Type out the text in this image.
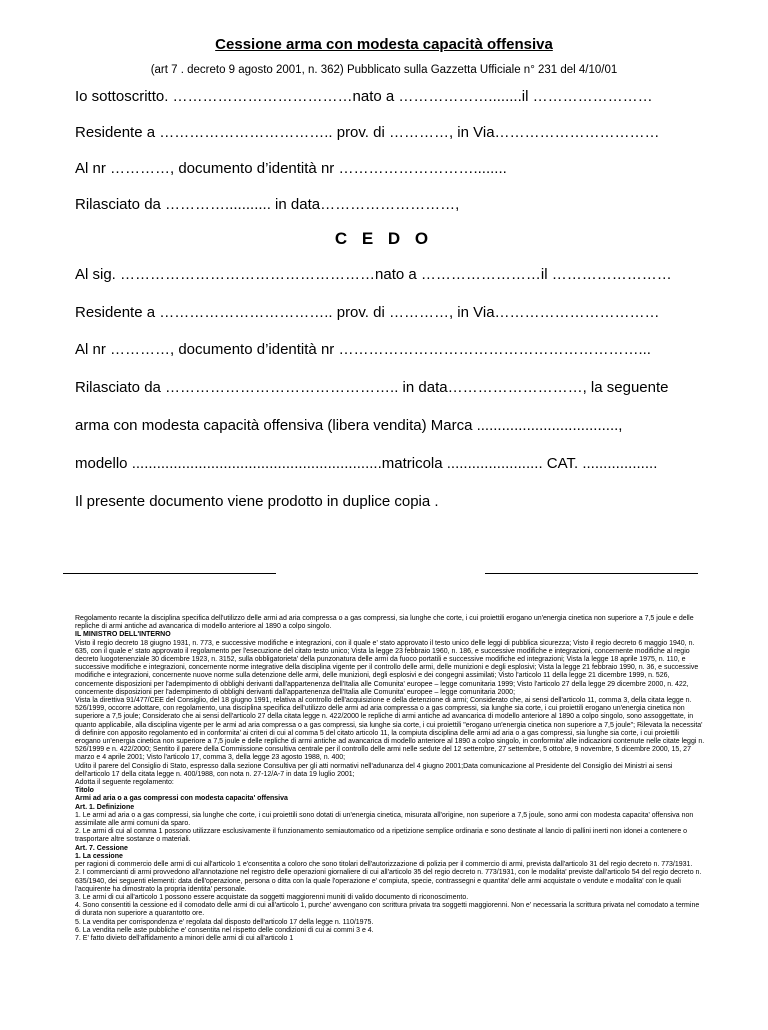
Cessione arma con modesta capacità offensiva
(art 7 . decreto 9 agosto 2001, n. 362) Pubblicato sulla Gazzetta Ufficiale n° 231 del 4/10/01
Io sottoscritto. ………………………………nato a ………………........il ……………………
Residente a …………………………….. prov. di …………, in Via……………………………
Al nr …………, documento d’identità nr ………………………........
Rilasciato da …………........... in data………………………,
C E D O
Al sig. ……………………………………………nato a ……………………il ……………………
Residente a …………………………….. prov. di …………, in Via……………………………
Al nr …………, documento d’identità nr ……………………………………………………...
Rilasciato da ……………………………………….. in data………………………, la seguente
arma con modesta capacità offensiva (libera vendita) Marca ..................................,
modello ............................................................matricola ....................... CAT. ..................
Il presente documento viene prodotto in duplice copia .

Regolamento recante la disciplina specifica dell'utilizzo delle armi ad aria compressa o a gas compressi, sia lunghe che corte, i cui proiettili erogano un'energia cinetica non superiore a 7,5 joule e delle repliche di armi antiche ad avancarica di modello anteriore al 1890 a colpo singolo.

IL MINISTRO DELL'INTERNO

Visto il regio decreto 18 giugno 1931, n. 773, e successive modifiche e integrazioni, con il quale e' stato approvato il testo unico delle leggi di pubblica sicurezza; Visto il regio decreto 6 maggio 1940, n. 635, con il quale e' stato approvato il regolamento per l'esecuzione del citato testo unico; Vista la legge 23 febbraio 1960, n. 186, e successive modifiche e integrazioni, concernente modifiche al regio decreto luogotenenziale 30 dicembre 1923, n. 3152, sulla obbligatorieta' della punzonatura delle armi da fuoco portatili e successive modifiche ed integrazioni; Vista la legge 18 aprile 1975, n. 110, e successive modifiche e integrazioni, concernente norme integrative della disciplina vigente per il controllo delle armi, delle munizioni e degli esplosivi; Vista la legge 21 febbraio 1990, n. 36, e successive modifiche e integrazioni, concernente nuove norme sulla detenzione delle armi, delle munizioni, degli esplosivi e dei congegni assimilati; Visto l'articolo 11 della legge 21 dicembre 1999, n. 526,

concernente disposizioni per l'adempimento di obblighi derivanti dall'appartenenza dell'Italia alle Comunita' europee – legge comunitaria 1999; Visto l'articolo 27 della legge 29 dicembre 2000, n. 422, concernente disposizioni per l'adempimento di obblighi derivanti dall'appartenenza dell'Italia alle Comunita' europee – legge comunitaria 2000;

Vista la direttiva 91/477/CEE del Consiglio, del 18 giugno 1991, relativa al controllo dell'acquisizione e della detenzione di armi; Considerato che, ai sensi dell'articolo 11, comma 3, della citata legge n. 526/1999, occorre adottare, con regolamento, una disciplina specifica dell'utilizzo delle armi ad aria compressa o a gas compressi, sia lunghe sia corte, i cui proiettili erogano un'energia cinetica non superiore a 7,5 joule; Considerato che ai sensi dell'articolo 27 della citata legge n. 422/2000 le repliche di armi antiche ad avancarica di modello anteriore al 1890 a colpo singolo, sono assoggettate, in quanto applicabile, alla disciplina vigente per le armi ad aria compressa o a gas compressi, sia lunghe sia corte, i cui proiettili "erogano un'energia cinetica non superiore a 7,5 joule"; Rilevata la necessita' di definire con apposito regolamento ed in conformita' ai criteri di cui al comma 5 del citato articolo 11, la compiuta disciplina delle armi ad aria o a gas compressi, sia lunghe sia corte, i cui proiettili erogano un'energia cinetica non superiore a 7,5 joule e delle repliche di armi antiche ad avancarica di modello anteriore al 1890 a colpo singolo, in conformita' alle indicazioni contenute nelle citate leggi n. 526/1999 e n. 422/2000; Sentito il parere della Commissione consultiva centrale per il controllo delle armi nelle sedute del 12 settembre, 27 settembre, 5 ottobre, 9 novembre, 5 dicembre 2000, 15, 27 marzo e 4 aprile 2001; Visto l'articolo 17, comma 3, della legge 23 agosto 1988, n. 400;

Udito il parere del Consiglio di Stato, espresso dalla sezione Consultiva per gli atti normativi nell'adunanza del 4 giugno 2001;Data comunicazione al Presidente del Consiglio dei Ministri ai sensi dell'articolo 17 della citata legge n. 400/1988, con nota n. 27-12/A-7 in data 19 luglio 2001;

Adotta il seguente regolamento:

Titolo

Armi ad aria o a gas compressi con modesta capacita' offensiva

Art. 1. Definizione

1. Le armi ad aria o a gas compressi, sia lunghe che corte, i cui proiettili sono dotati di un'energia cinetica, misurata all'origine, non superiore a 7,5 joule, sono armi con modesta capacita' offensiva non assimilate alle armi comuni da sparo.

2. Le armi di cui al comma 1 possono utilizzare esclusivamente il funzionamento semiautomatico od a ripetizione semplice ordinaria e sono destinate al lancio di pallini inerti non idonei a contenere o trasportare altre sostanze o materiali.

Art. 7. Cessione

1. La cessione

per ragioni di commercio delle armi di cui all'articolo 1 e'consentita a coloro che sono titolari dell'autorizzazione di polizia per il commercio di armi, prevista dall'articolo 31 del regio decreto n. 773/1931.

2. I commercianti di armi provvedono all'annotazione nel registro delle operazioni giornaliere di cui all'articolo 35 del regio decreto n. 773/1931, con le modalita' previste dall'articolo 54 del regio decreto n. 635/1940, dei seguenti elementi: data dell'operazione, persona o ditta con la quale l'operazione e' compiuta, specie, contrassegni e quantita' delle armi acquistate o vendute e modalita' con le quali l'acquirente ha dimostrato la propria identita' personale.

3. Le armi di cui all'articolo 1 possono essere acquistate da soggetti maggiorenni muniti di valido documento di riconoscimento.

4. Sono consentiti la cessione ed il comodato delle armi di cui all'articolo 1, purche' avvengano con scrittura privata tra soggetti maggiorenni. Non e' necessaria la scrittura privata nel comodato a termine di durata non superiore a quarantotto ore.

5. La vendita per corrispondenza e' regolata dal disposto dell'articolo 17 della legge n. 110/1975.

6. La vendita nelle aste pubbliche e' consentita nel rispetto delle condizioni di cui ai commi 3 e 4.

7. E' fatto divieto dell'affidamento a minori delle armi di cui all'articolo 1
